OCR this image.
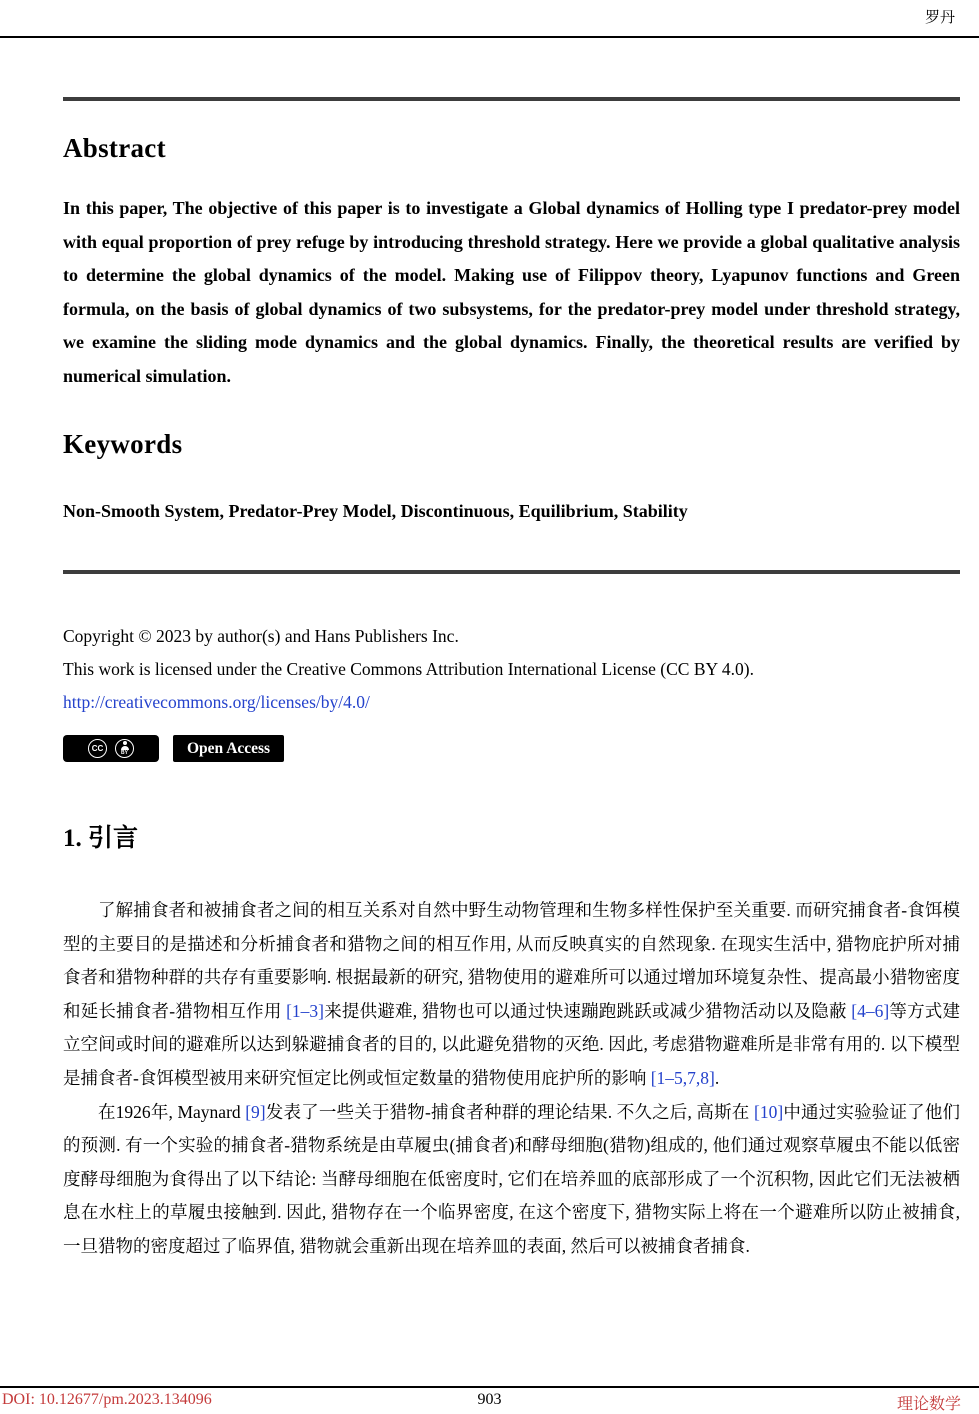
罗丹
Abstract

In this paper, The objective of this paper is to investigate a Global dynamics of Holling type I predator-prey model with equal proportion of prey refuge by introducing threshold strategy. Here we provide a global qualitative analysis to determine the global dynamics of the model. Making use of Filippov theory, Lyapunov functions and Green formula, on the basis of global dynamics of two subsystems, for the predator-prey model under threshold strategy, we examine the sliding mode dynamics and the global dynamics. Finally, the theoretical results are verified by numerical simulation.

Keywords

Non-Smooth System, Predator-Prey Model, Discontinuous, Equilibrium, Stability

Copyright © 2023 by author(s) and Hans Publishers Inc.

This work is licensed under the Creative Commons Attribution International License (CC BY 4.0).

http://creativecommons.org/licenses/by/4.0/

CC
BY	Open Access
1. 引言

了解捕食者和被捕食者之间的相互关系对自然中野生动物管理和生物多样性保护至关重要. 而研究捕食者-食饵模型的主要目的是描述和分析捕食者和猎物之间的相互作用, 从而反映真实的自然现象. 在现实生活中, 猎物庇护所对捕食者和猎物种群的共存有重要影响. 根据最新的研究, 猎物使用的避难所可以通过增加环境复杂性、提高最小猎物密度和延长捕食者-猎物相互作用 [1–3]来提供避难, 猎物也可以通过快速蹦跑跳跃或减少猎物活动以及隐蔽 [4–6]等方式建立空间或时间的避难所以达到躲避捕食者的目的, 以此避免猎物的灭绝. 因此, 考虑猎物避难所是非常有用的. 以下模型是捕食者-食饵模型被用来研究恒定比例或恒定数量的猎物使用庇护所的影响 [1–5,7,8].

在1926年, Maynard [9]发表了一些关于猎物-捕食者种群的理论结果. 不久之后, 高斯在 [10]中通过实验验证了他们的预测. 有一个实验的捕食者-猎物系统是由草履虫(捕食者)和酵母细胞(猎物)组成的, 他们通过观察草履虫不能以低密度酵母细胞为食得出了以下结论: 当酵母细胞在低密度时, 它们在培养皿的底部形成了一个沉积物, 因此它们无法被栖息在水柱上的草履虫接触到. 因此, 猎物存在一个临界密度, 在这个密度下, 猎物实际上将在一个避难所以防止被捕食, 一旦猎物的密度超过了临界值, 猎物就会重新出现在培养皿的表面, 然后可以被捕食者捕食.

DOI: 10.12677/pm.2023.134096	903	理论数学
